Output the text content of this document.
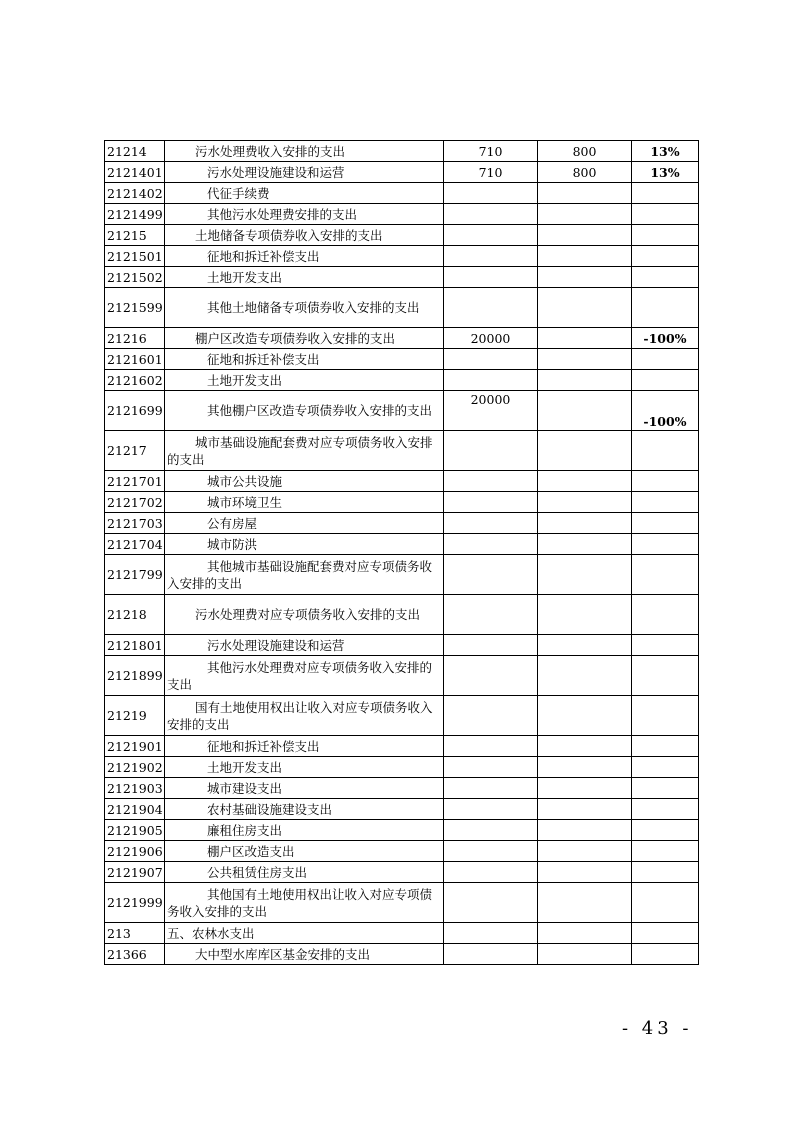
21214	污水处理费收入安排的支出	710	800	13%
2121401	污水处理设施建设和运营	710	800	13%
2121402	代征手续费			

2121499	其他污水处理费安排的支出			

21215	土地储备专项债券收入安排的支出			

2121501	征地和拆迁补偿支出			

2121502	土地开发支出			

2121599	其他土地储备专项债券收入安排的支出			

21216	棚户区改造专项债券收入安排的支出	20000		-100%
2121601	征地和拆迁补偿支出			

2121602	土地开发支出			

2121699	其他棚户区改造专项债券收入安排的支出	20000		-100%
21217	城市基础设施配套费对应专项债务收入安排的支出			

2121701	城市公共设施			

2121702	城市环境卫生			

2121703	公有房屋			

2121704	城市防洪			

2121799	其他城市基础设施配套费对应专项债务收入安排的支出			

21218	污水处理费对应专项债务收入安排的支出			

2121801	污水处理设施建设和运营			

2121899	其他污水处理费对应专项债务收入安排的支出			

21219	国有土地使用权出让收入对应专项债务收入安排的支出			

2121901	征地和拆迁补偿支出			

2121902	土地开发支出			

2121903	城市建设支出			

2121904	农村基础设施建设支出			

2121905	廉租住房支出			

2121906	棚户区改造支出			

2121907	公共租赁住房支出			

2121999	其他国有土地使用权出让收入对应专项债务收入安排的支出			

213	五、农林水支出			

21366	大中型水库库区基金安排的支出			

- 43 -
